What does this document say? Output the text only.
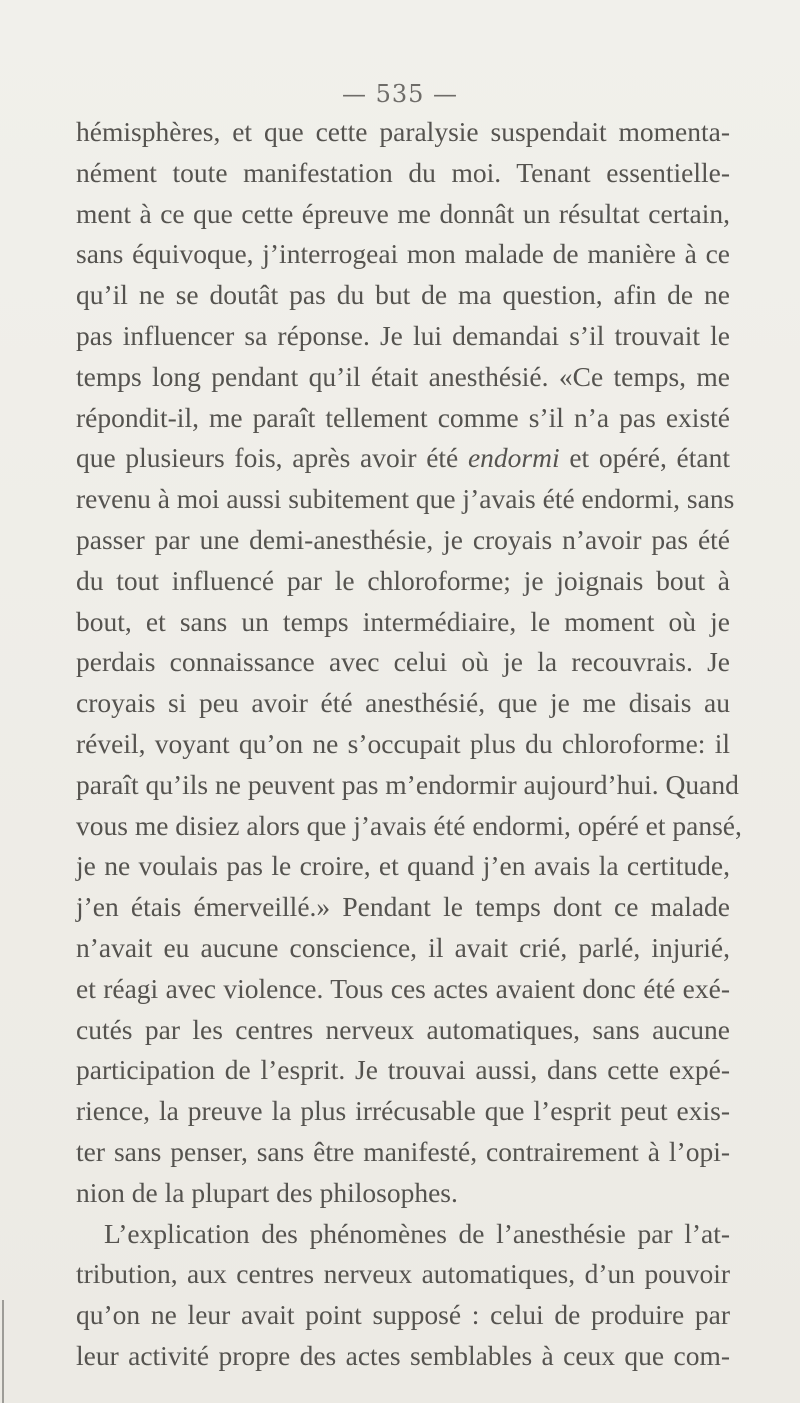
— 535 —
hémisphères, et que cette paralysie suspendait momenta-
nément toute manifestation du moi. Tenant essentielle-
ment à ce que cette épreuve me donnât un résultat certain,
sans équivoque, j’interrogeai mon malade de manière à ce
qu’il ne se doutât pas du but de ma question, afin de ne
pas influencer sa réponse. Je lui demandai s’il trouvait le
temps long pendant qu’il était anesthésié. «Ce temps, me
répondit-il, me paraît tellement comme s’il n’a pas existé
que plusieurs fois, après avoir été endormi et opéré, étant
revenu à moi aussi subitement que j’avais été endormi, sans
passer par une demi-anesthésie, je croyais n’avoir pas été
du tout influencé par le chloroforme; je joignais bout à
bout, et sans un temps intermédiaire, le moment où je
perdais connaissance avec celui où je la recouvrais. Je
croyais si peu avoir été anesthésié, que je me disais au
réveil, voyant qu’on ne s’occupait plus du chloroforme: il
paraît qu’ils ne peuvent pas m’endormir aujourd’hui. Quand
vous me disiez alors que j’avais été endormi, opéré et pansé,
je ne voulais pas le croire, et quand j’en avais la certitude,
j’en étais émerveillé.» Pendant le temps dont ce malade
n’avait eu aucune conscience, il avait crié, parlé, injurié,
et réagi avec violence. Tous ces actes avaient donc été exé-
cutés par les centres nerveux automatiques, sans aucune
participation de l’esprit. Je trouvai aussi, dans cette expé-
rience, la preuve la plus irrécusable que l’esprit peut exis-
ter sans penser, sans être manifesté, contrairement à l’opi-
nion de la plupart des philosophes.
L’explication des phénomènes de l’anesthésie par l’at-
tribution, aux centres nerveux automatiques, d’un pouvoir
qu’on ne leur avait point supposé : celui de produire par
leur activité propre des actes semblables à ceux que com-
